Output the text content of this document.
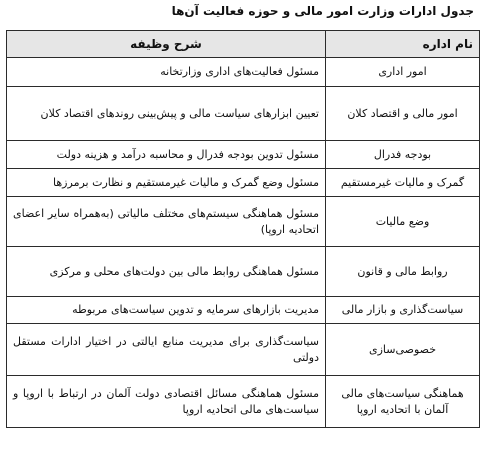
جدول ادارات وزارت امور مالی و حوزه فعالیت آن‌ها
نام اداره	شرح وظیفه
امور اداری	مسئول فعالیت‌های اداری وزارتخانه
امور مالی و اقتصاد کلان	تعیین ابزارهای سیاست مالی و پیش‌بینی روندهای اقتصاد کلان
بودجه فدرال	مسئول تدوین بودجه فدرال و محاسبه درآمد و هزینه دولت
گمرک و مالیات غیرمستقیم	مسئول وضع گمرک و مالیات غیرمستقیم و نظارت برمرزها
وضع مالیات	مسئول هماهنگی سیستم‌های مختلف مالیاتی (به‌همراه سایر اعضای اتحادیه اروپا)
روابط مالی و قانون	مسئول هماهنگی روابط مالی بین دولت‌های محلی و مرکزی
سیاست‌گذاری و بازار مالی	مدیریت بازارهای سرمایه و تدوین سیاست‌های مربوطه
خصوصی‌سازی	سیاست‌گذاری برای مدیریت منابع ایالتی در اختیار ادارات مستقل دولتی
هماهنگی سیاست‌های مالی آلمان با اتحادیه اروپا	مسئول هماهنگی مسائل اقتصادی دولت آلمان در ارتباط با اروپا و سیاست‌های مالی اتحادیه اروپا
